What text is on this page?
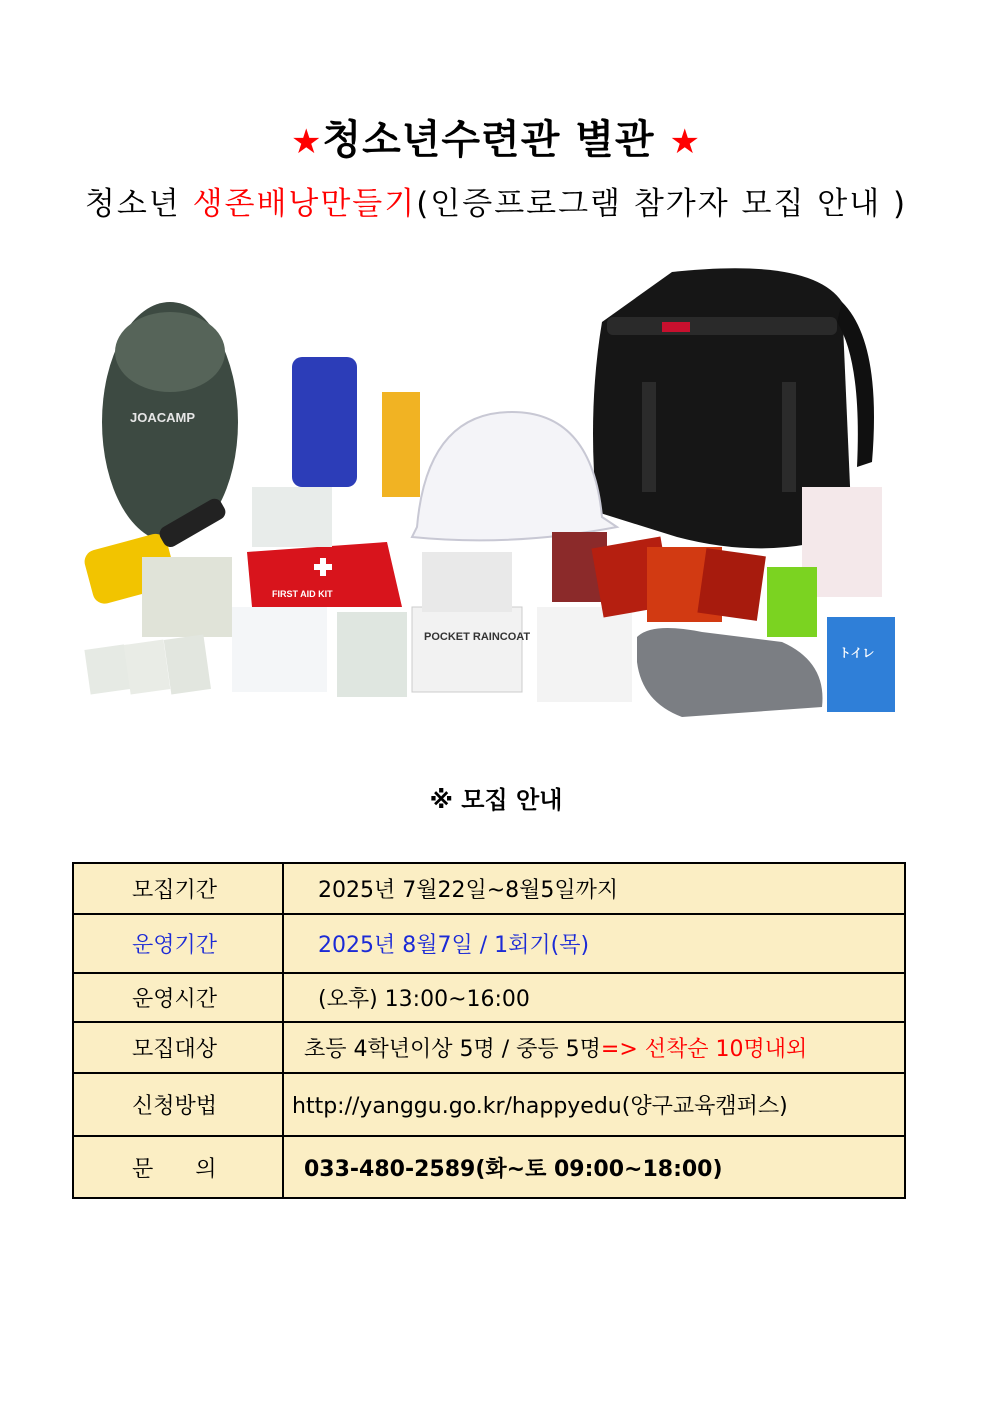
★청소년수련관 별관 ★
청소년 생존배낭만들기(인증프로그램 참가자 모집 안내 )
JOACAMP
FIRST AID KIT
POCKET RAINCOAT
トイレ
※ 모집 안내
모집기간	2025년 7월22일~8월5일까지
운영기간	2025년 8월7일 / 1회기(목)
운영시간	(오후) 13:00~16:00
모집대상	초등 4학년이상 5명 / 중등 5명=> 선착순 10명내외
신청방법	http://yanggu.go.kr/happyedu(양구교육캠퍼스)
문      의	033-480-2589(화~토 09:00~18:00)
